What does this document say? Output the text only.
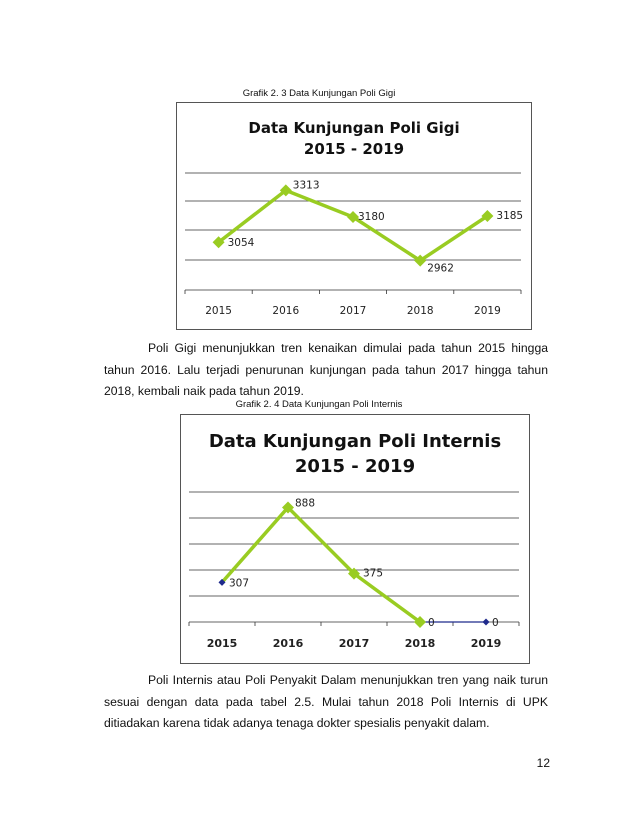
Grafik 2. 3 Data Kunjungan Poli Gigi
Data Kunjungan Poli Gigi
2015 - 2019
2015	2016	2017	2018	2019
3054
3313
3180
2962
3185

Poli Gigi menunjukkan tren kenaikan dimulai pada tahun 2015 hingga tahun 2016. Lalu terjadi penurunan kunjungan pada tahun 2017 hingga tahun 2018, kembali naik pada tahun 2019.

Grafik 2. 4 Data Kunjungan Poli Internis
Data Kunjungan Poli Internis
2015 - 2019
2015	2016	2017	2018	2019
307
888
375
0	0

Poli Internis atau Poli Penyakit Dalam menunjukkan tren yang naik turun sesuai dengan data pada tabel 2.5. Mulai tahun 2018 Poli Internis di UPK ditiadakan karena tidak adanya tenaga dokter spesialis penyakit dalam.

12
